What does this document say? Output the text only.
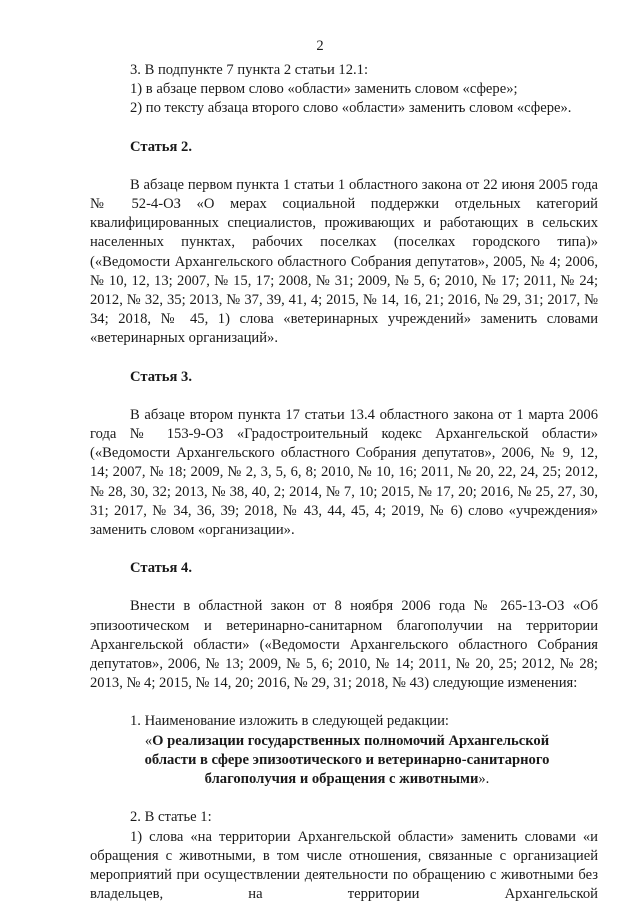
2

3. В подпункте 7 пункта 2 статьи 12.1:

1) в абзаце первом слово «области» заменить словом «сфере»;

2) по тексту абзаца второго слово «области» заменить словом «сфере».

Статья 2.

В абзаце первом пункта 1 статьи 1 областного закона от 22 июня 2005 года № 52-4-ОЗ «О мерах социальной поддержки отдельных категорий квалифицированных специалистов, проживающих и работающих в сельских населенных пунктах, рабочих поселках (поселках городского типа)» («Ведомости Архангельского областного Собрания депутатов», 2005, № 4; 2006, № 10, 12, 13; 2007, № 15, 17; 2008, № 31; 2009, № 5, 6; 2010, № 17; 2011, № 24; 2012, № 32, 35; 2013, № 37, 39, 41, 4; 2015, № 14, 16, 21; 2016, № 29, 31; 2017, № 34; 2018, № 45, 1) слова «ветеринарных учреждений» заменить словами «ветеринарных организаций».

Статья 3.

В абзаце втором пункта 17 статьи 13.4 областного закона от 1 марта 2006 года № 153-9-ОЗ «Градостроительный кодекс Архангельской области» («Ведомости Архангельского областного Собрания депутатов», 2006, № 9, 12, 14; 2007, № 18; 2009, № 2, 3, 5, 6, 8; 2010, № 10, 16; 2011, № 20, 22, 24, 25; 2012, № 28, 30, 32; 2013, № 38, 40, 2; 2014, № 7, 10; 2015, № 17, 20; 2016, № 25, 27, 30, 31; 2017, № 34, 36, 39; 2018, № 43, 44, 45, 4; 2019, № 6) слово «учреждения» заменить словом «организации».

Статья 4.

Внести в областной закон от 8 ноября 2006 года № 265-13-ОЗ «Об эпизоотическом и ветеринарно-санитарном благополучии на территории Архангельской области» («Ведомости Архангельского областного Собрания депутатов», 2006, № 13; 2009, № 5, 6; 2010, № 14; 2011, № 20, 25; 2012, № 28; 2013, № 4; 2015, № 14, 20; 2016, № 29, 31; 2018, № 43) следующие изменения:

1. Наименование изложить в следующей редакции:

«О реализации государственных полномочий Архангельской области в сфере эпизоотического и ветеринарно-санитарного благополучия и обращения с животными».

2. В статье 1:

1) слова «на территории Архангельской области» заменить словами «и обращения с животными, в том числе отношения, связанные с организацией мероприятий при осуществлении деятельности по обращению с животными без владельцев, на территории Архангельской
